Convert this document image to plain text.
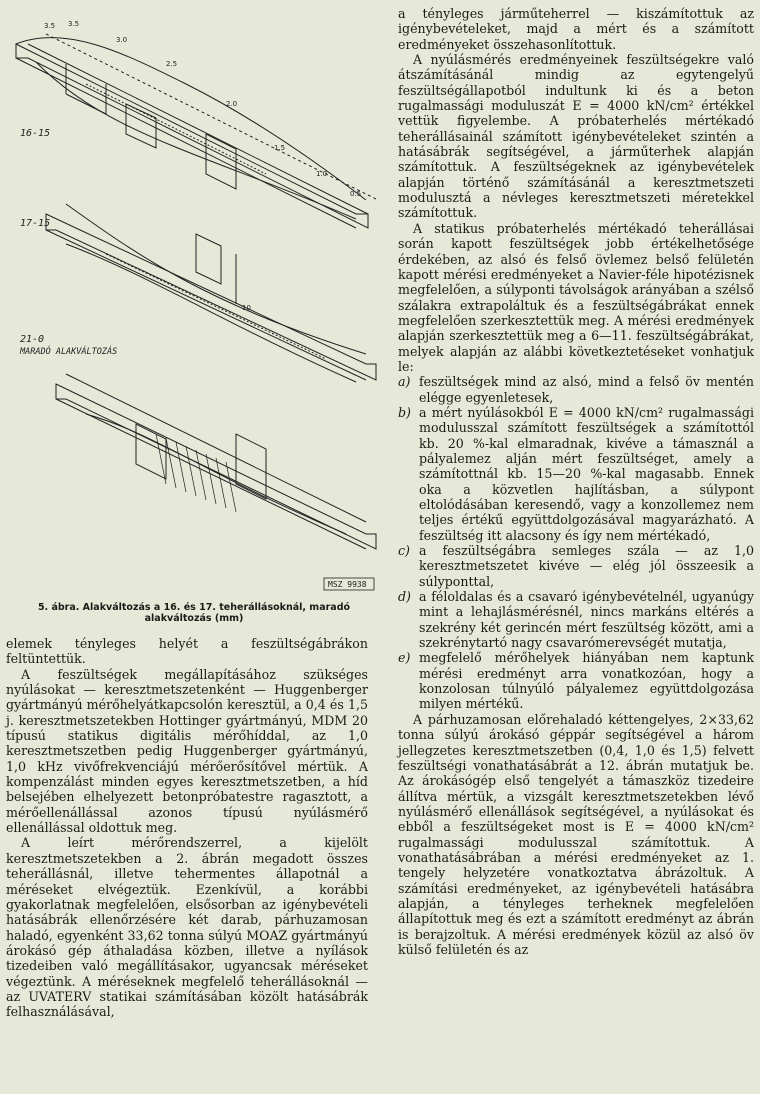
MSZ 9938
16-15
17-15
21-0
MARADÓ ALAKVÁLTOZÁS
3.5 3.5
3.0
2.5
2.0
1.5
1.0
0.5
10
5. ábra. Alakváltozás a 16. és 17. teherállásoknál, maradó alakváltozás (mm)

elemek tényleges helyét a feszültségábrákon feltüntettük.

A feszültségek megállapításához szükséges nyúlásokat — keresztmetszetenként — Huggenberger gyártmányú mérőhelyátkapcsolón keresztül, a 0,4 és 1,5 j. keresztmetszetekben Hottinger gyártmányú, MDM 20 típusú statikus digitális mérőhíddal, az 1,0 keresztmetszetben pedig Huggenberger gyártmányú, 1,0 kHz vivőfrekvenciájú mérőerősítővel mértük. A kompenzálást minden egyes keresztmetszetben, a híd belsejében elhelyezett betonpróbatestre ragasztott, a mérőellenállással azonos típusú nyúlásmérő ellenállással oldottuk meg.

A leírt mérőrendszerrel, a kijelölt keresztmetszetekben a 2. ábrán megadott összes teherállásnál, illetve tehermentes állapotnál a méréseket elvégeztük. Ezenkívül, a korábbi gyakorlatnak megfelelően, elsősorban az igénybevételi hatásábrák ellenőrzésére két darab, párhuzamosan haladó, egyenként 33,62 tonna súlyú MOAZ gyártmányú árokásó gép áthaladása közben, illetve a nyílások tizedeiben való megállításakor, ugyancsak méréseket végeztünk. A méréseknek megfelelő teherállásoknál — az UVATERV statikai számításában közölt hatásábrák felhasználásával,

a tényleges járműteherrel — kiszámítottuk az igénybevételeket, majd a mért és a számított eredményeket összehasonlítottuk.

A nyúlásmérés eredményeinek feszültségekre való átszámításánál mindig az egytengelyű feszültségállapotból indultunk ki és a beton rugalmassági moduluszát E = 4000 kN/cm² értékkel vettük figyelembe. A próbaterhelés mértékadó teherállásainál számított igénybevételeket szintén a hatásábrák segítségével, a járműterhek alapján számítottuk. A feszültségeknek az igénybevételek alapján történő számításánál a keresztmetszeti modulusztá a névleges keresztmetszeti méretekkel számítottuk.

A statikus próbaterhelés mértékadó teherállásai során kapott feszültségek jobb értékelhetősége érdekében, az alsó és felső övlemez belső felületén kapott mérési eredményeket a Navier-féle hipotézisnek megfelelően, a súlyponti távolságok arányában a szélső szálakra extrapoláltuk és a feszültségábrákat ennek megfelelően szerkesztettük meg. A mérési eredmények alapján szerkesztettük meg a 6—11. feszültségábrákat, melyek alapján az alábbi következtetéseket vonhatjuk le:

a) feszültségek mind az alsó, mind a felső öv mentén elégge egyenletesek,
b) a mért nyúlásokból E = 4000 kN/cm² rugalmassági modulusszal számított feszültségek a számítottól kb. 20 %-kal elmaradnak, kivéve a támasznál a pályalemez alján mért feszültséget, amely a számítottnál kb. 15—20 %-kal magasabb. Ennek oka a közvetlen hajlításban, a súlypont eltolódásában keresendő, vagy a konzollemez nem teljes értékű együttdolgozásával magyarázható. A feszültség itt alacsony és így nem mértékadó,
c) a feszültségábra semleges szála — az 1,0 keresztmetszetet kivéve — elég jól összeesik a súlyponttal,
d) a féloldalas és a csavaró igénybevételnél, ugyanúgy mint a lehajlásmérésnél, nincs markáns eltérés a szekrény két gerincén mért feszültség között, ami a szekrénytartó nagy csavarómerevségét mutatja,
e) megfelelő mérőhelyek hiányában nem kaptunk mérési eredményt arra vonatkozóan, hogy a konzolosan túlnyúló pályalemez együttdolgozása milyen mértékű.

A párhuzamosan előrehaladó kéttengelyes, 2×33,62 tonna súlyú árokásó géppár segítségével a három jellegzetes keresztmetszetben (0,4, 1,0 és 1,5) felvett feszültségi vonathatásábrát a 12. ábrán mutatjuk be. Az árokásógép első tengelyét a támaszköz tizedeire állítva mértük, a vizsgált keresztmetszetekben lévő nyúlásmérő ellenállások segítségével, a nyúlásokat és ebből a feszültségeket most is E = 4000 kN/cm² rugalmassági modulusszal számítottuk. A vonathatásábrában a mérési eredményeket az 1. tengely helyzetére vonatkoztatva ábrázoltuk. A számítási eredményeket, az igénybevételi hatásábra alapján, a tényleges terheknek megfelelően állapítottuk meg és ezt a számított eredményt az ábrán is berajzoltuk. A mérési eredmények közül az alsó öv külső felületén és az
